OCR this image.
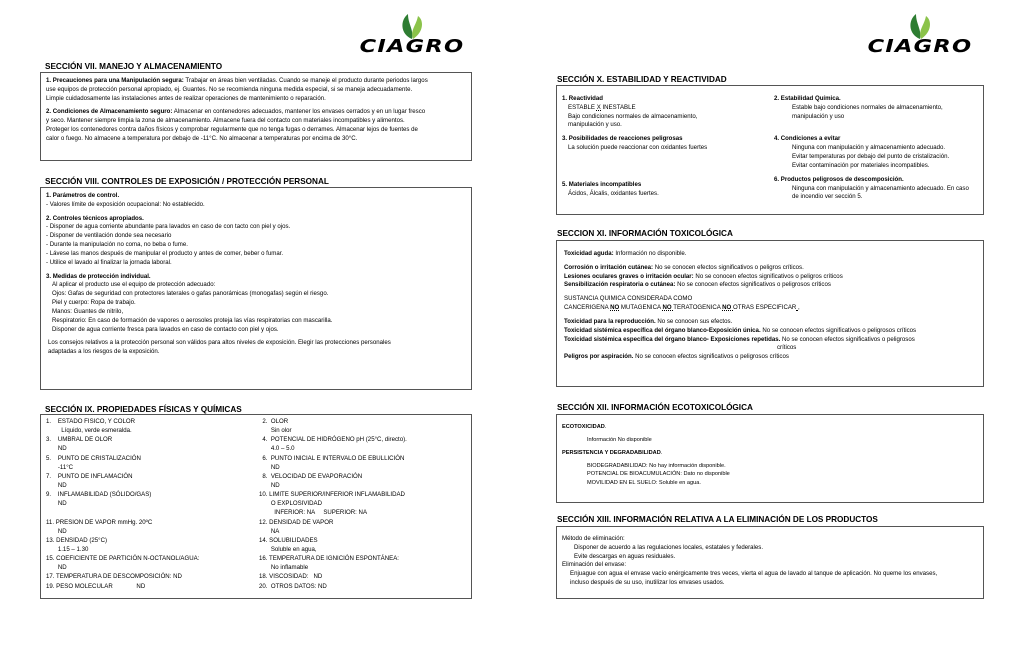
CIAGRO	CIAGRO
SECCIÓN VII. MANEJO Y ALMACENAMIENTO

1. Precauciones para una Manipulación segura: Trabajar en áreas bien ventiladas. Cuando se maneje el producto durante periodos largos

use equipos de protección personal apropiado, ej. Guantes. No se recomienda ninguna medida especial, si se maneja adecuadamente.

Limpie cuidadosamente las instalaciones antes de realizar operaciones de mantenimiento o reparación.

2. Condiciones de Almacenamiento seguro: Almacenar en contenedores adecuados, mantener los envases cerrados y en un lugar fresco

y seco. Mantener siempre limpia la zona de almacenamiento. Almacene fuera del contacto con materiales incompatibles y alimentos.

Proteger los contenedores contra daños físicos y comprobar regularmente que no tenga fugas o derrames. Almacenar lejos de fuentes de

calor o fuego. No almacene a temperatura por debajo de -11°C. No almacenar a temperaturas por encima de 30°C.

SECCIÓN VIII. CONTROLES DE EXPOSICIÓN / PROTECCIÓN PERSONAL

1. Parámetros de control.

- Valores límite de exposición ocupacional: No establecido.

2. Controles técnicos apropiados.

- Disponer de agua corriente abundante para lavados en caso de con tacto con piel y ojos.

- Disponer de ventilación donde sea necesario

- Durante la manipulación no coma, no beba o fume.

- Lávese las manos después de manipular el producto y antes de comer, beber o fumar.

- Utilice el lavado al finalizar la jornada laboral.

3. Medidas de protección individual.

Al aplicar el producto use el equipo de protección adecuado:

Ojos: Gafas de seguridad con protectores laterales o gafas panorámicas (monogafas) según el riesgo.

Piel y cuerpo: Ropa de trabajo.

Manos: Guantes de nitrilo,

Respiratorio: En caso de formación de vapores o aerosoles proteja las vías respiratorias con mascarilla.

Disponer de agua corriente fresca para lavados en caso de contacto con piel y ojos.

Los consejos relativos a la protección personal son válidos para altos niveles de exposición. Elegir las protecciones personales

adaptadas a los riesgos de la exposición.

SECCIÓN IX. PROPIEDADES FÍSICAS Y QUÍMICAS

1.    ESTADO FISICO, Y COLOR

Líquido, verde esmeralda.

3.    UMBRAL DE OLOR

ND

5.    PUNTO DE CRISTALIZACIÓN

-11°C

7.    PUNTO DE INFLAMACIÓN

ND

9.    INFLAMABILIDAD (SÓLIDO/GAS)

ND

11. PRESION DE VAPOR mmHg. 20ºC

ND

13. DENSIDAD (25°C)

1.15 – 1.30

15. COEFICIENTE DE PARTICIÓN N-OCTANOL/AGUA:

ND

17. TEMPERATURA DE DESCOMPOSICIÓN: ND

19. PESO MOLECULAR              ND

2.  OLOR

Sin olor

4.  POTENCIAL DE HIDRÓGENO pH (25°C, directo).

4.0 – 5.0

6.  PUNTO INICIAL E INTERVALO DE EBULLICIÓN

ND

8.  VELOCIDAD DE EVAPORACIÓN

ND

10. LIMITE SUPERIOR/INFERIOR INFLAMABILIDAD

O EXPLOSIVIDAD

INFERIOR: NA     SUPERIOR: NA

12. DENSIDAD DE VAPOR

NA

14. SOLUBILIDADES

Soluble en agua,

16. TEMPERATURA DE IGNICIÓN ESPONTÁNEA:

No inflamable

18. VISCOSIDAD:   ND

20.  OTROS DATOS: ND

SECCIÓN X. ESTABILIDAD Y REACTIVIDAD

1. Reactividad

ESTABLE X INESTABLE

Bajo condiciones normales de almacenamiento,

manipulación y uso.

3. Posibilidades de reacciones peligrosas

La solución puede reaccionar con oxidantes fuertes

5. Materiales incompatibles

Ácidos, Álcalis, oxidantes fuertes.

2. Estabilidad Química.

Estable bajo condiciones normales de almacenamiento,

manipulación y uso

4. Condiciones a evitar

Ninguna con manipulación y almacenamiento adecuado.

Evitar temperaturas por debajo del punto de cristalización.

Evitar contaminación por materiales incompatibles.

6. Productos peligrosos de descomposición.

Ninguna con manipulación y almacenamiento adecuado. En caso

de incendio ver sección 5.

SECCION XI. INFORMACIÓN TOXICOLÓGICA

Toxicidad aguda: Información no disponible.

Corrosión o irritación cutánea: No se conocen efectos significativos o peligros críticos.

Lesiones oculares graves o irritación ocular: No se conocen efectos significativos o peligros críticos

Sensibilización respiratoria o cutánea: No se conocen efectos significativos o peligrosos críticos

SUSTANCIA QUIMICA CONSIDERADA COMO

CANCERIGENA NO MUTAGENICA NO TERATOGENICA NO OTRAS ESPECIFICAR ,

Toxicidad para la reproducción. No se conocen sus efectos.

Toxicidad sistémica específica del órgano blanco-Exposición única. No se conocen efectos significativos o peligrosos críticos

Toxicidad sistémica específica del órgano blanco- Exposiciones repetidas. No se conocen efectos significativos o peligrosos

críticos

Peligros por aspiración. No se conocen efectos significativos o peligrosos críticos

SECCIÓN XII. INFORMACIÓN ECOTOXICOLÓGICA

ECOTOXICIDAD.

Información No disponible

PERSISTENCIA Y DEGRADABILIDAD.

BIODEGRADABILIDAD: No hay información disponible.

POTENCIAL DE BIOACUMULACIÓN: Dato no disponible

MOVILIDAD EN EL SUELO: Soluble en agua.

SECCIÓN XIII. INFORMACIÓN RELATIVA A LA ELIMINACIÓN DE LOS PRODUCTOS

Método de eliminación:

Disponer de acuerdo a las regulaciones locales, estatales y federales.

Evite descargas en aguas residuales.

Eliminación del envase:

Enjuague con agua el envase vacío enérgicamente tres veces, vierta el agua de lavado al tanque de aplicación. No queme los envases,

incluso después de su uso, inutilizar los envases usados.
